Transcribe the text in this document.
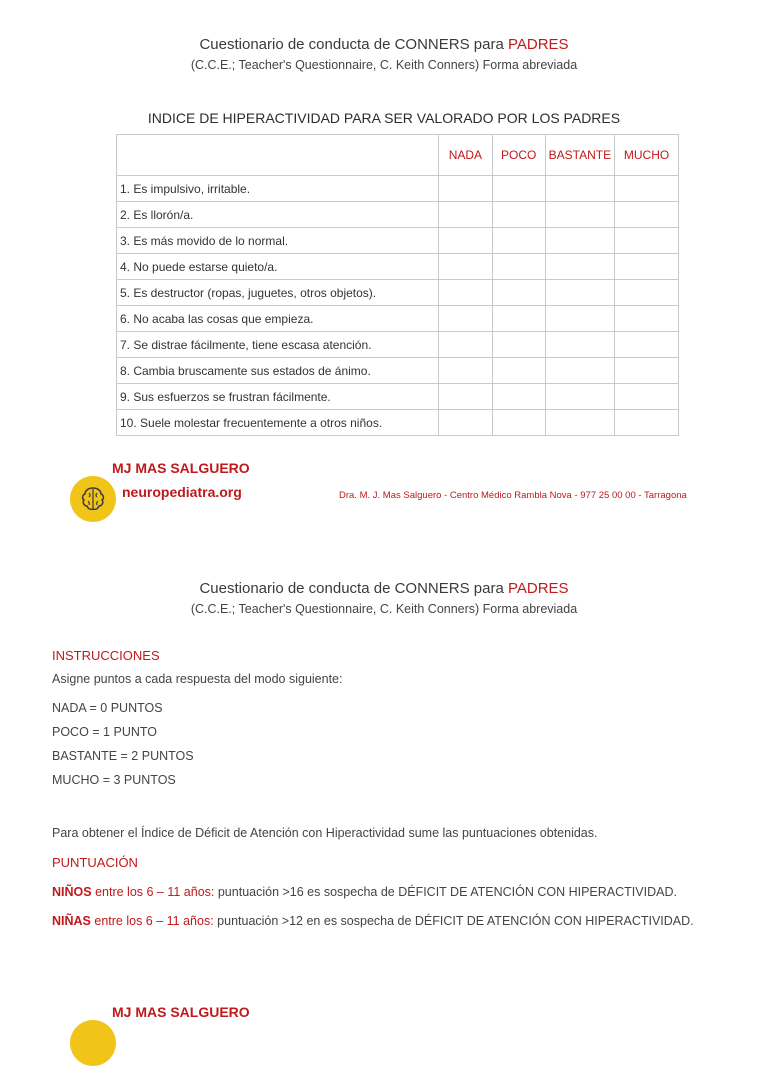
Cuestionario de conducta de CONNERS para PADRES
(C.C.E.; Teacher's Questionnaire, C. Keith Conners) Forma abreviada
INDICE DE HIPERACTIVIDAD PARA SER VALORADO POR LOS PADRES
	NADA	POCO	BASTANTE	MUCHO
1. Es impulsivo, irritable.				
2. Es llorón/a.				
3. Es más movido de lo normal.				
4. No puede estarse quieto/a.				
5. Es destructor (ropas, juguetes, otros objetos).				
6. No acaba las cosas que empieza.				
7. Se distrae fácilmente, tiene escasa atención.				
8. Cambia bruscamente sus estados de ánimo.				
9. Sus esfuerzos se frustran fácilmente.				
10. Suele molestar frecuentemente a otros niños.				
MJ MAS SALGUERO
neuropediatra.org	Dra. M. J. Mas Salguero - Centro Médico Rambla Nova - 977 25 00 00 - Tarragona
Cuestionario de conducta de CONNERS para PADRES
(C.C.E.; Teacher's Questionnaire, C. Keith Conners) Forma abreviada
INSTRUCCIONES
Asigne puntos a cada respuesta del modo siguiente:
NADA = 0 PUNTOS
POCO = 1 PUNTO
BASTANTE = 2 PUNTOS
MUCHO = 3 PUNTOS
Para obtener el Índice de Déficit de Atención con Hiperactividad sume las puntuaciones obtenidas.
PUNTUACIÓN
NIÑOS entre los 6 – 11 años: puntuación >16 es sospecha de DÉFICIT DE ATENCIÓN CON HIPERACTIVIDAD.
NIÑAS entre los 6 – 11 años: puntuación >12 en es sospecha de DÉFICIT DE ATENCIÓN CON HIPERACTIVIDAD.
MJ MAS SALGUERO
